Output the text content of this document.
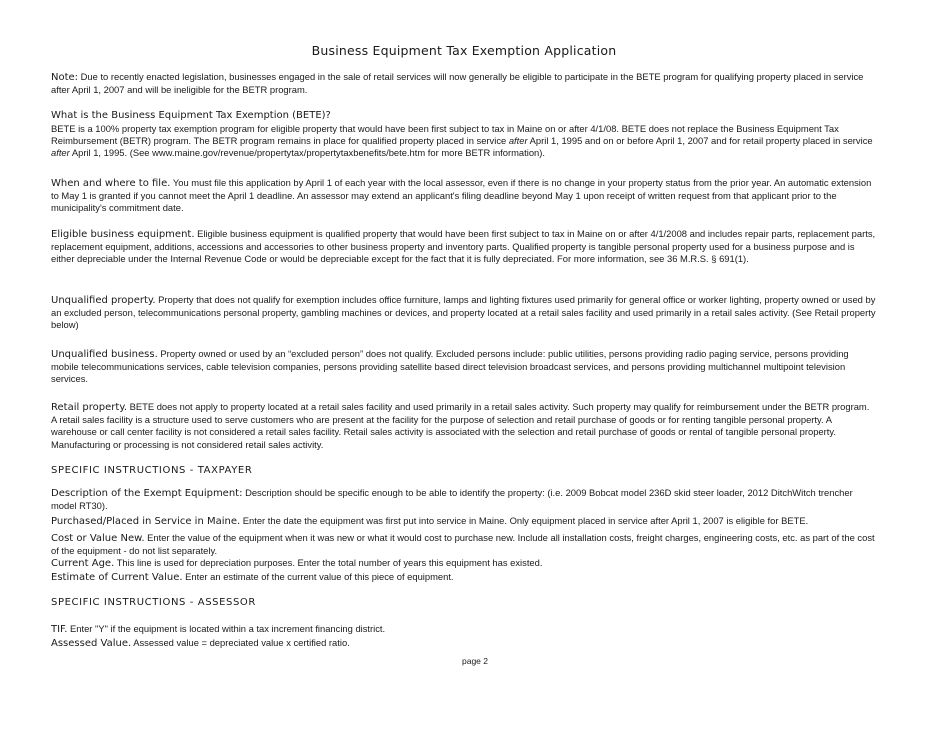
Business Equipment Tax Exemption Application
Note: Due to recently enacted legislation, businesses engaged in the sale of retail services will now generally be eligible to participate in the BETE program for qualifying property placed in service after April 1, 2007 and will be ineligible for the BETR program.
What is the Business Equipment Tax Exemption (BETE)?
BETE is a 100% property tax exemption program for eligible property that would have been first subject to tax in Maine on or after 4/1/08. BETE does not replace the Business Equipment Tax Reimbursement (BETR) program. The BETR program remains in place for qualified property placed in service after April 1, 1995 and on or before April 1, 2007 and for retail property placed in service after April 1, 1995. (See www.maine.gov/revenue/propertytax/propertytaxbenefits/bete.htm for more BETR information).
When and where to file. You must file this application by April 1 of each year with the local assessor, even if there is no change in your property status from the prior year. An automatic extension to May 1 is granted if you cannot meet the April 1 deadline. An assessor may extend an applicant's filing deadline beyond May 1 upon receipt of written request from that applicant prior to the municipality's commitment date.
Eligible business equipment. Eligible business equipment is qualified property that would have been first subject to tax in Maine on or after 4/1/2008 and includes repair parts, replacement parts, replacement equipment, additions, accessions and accessories to other business property and inventory parts. Qualified property is tangible personal property used for a business purpose and is either depreciable under the Internal Revenue Code or would be depreciable except for the fact that it is fully depreciated. For more information, see 36 M.R.S. § 691(1).
Unqualified property. Property that does not qualify for exemption includes office furniture, lamps and lighting fixtures used primarily for general office or worker lighting, property owned or used by an excluded person, telecommunications personal property, gambling machines or devices, and property located at a retail sales facility and used primarily in a retail sales activity. (See Retail property below)
Unqualified business. Property owned or used by an “excluded person” does not qualify. Excluded persons include: public utilities, persons providing radio paging service, persons providing mobile telecommunications services, cable television companies, persons providing satellite based direct television broadcast services, and persons providing multichannel multipoint television services.
Retail property. BETE does not apply to property located at a retail sales facility and used primarily in a retail sales activity. Such property may qualify for reimbursement under the BETR program. A retail sales facility is a structure used to serve customers who are present at the facility for the purpose of selection and retail purchase of goods or for renting tangible personal property. A warehouse or call center facility is not considered a retail sales facility. Retail sales activity is associated with the selection and retail purchase of goods or rental of tangible personal property. Manufacturing or processing is not considered retail sales activity.
SPECIFIC INSTRUCTIONS - TAXPAYER
Description of the Exempt Equipment: Description should be specific enough to be able to identify the property: (i.e. 2009 Bobcat model 236D skid steer loader, 2012 DitchWitch trencher model RT30).
Purchased/Placed in Service in Maine. Enter the date the equipment was first put into service in Maine. Only equipment placed in service after April 1, 2007 is eligible for BETE.
Cost or Value New. Enter the value of the equipment when it was new or what it would cost to purchase new. Include all installation costs, freight charges, engineering costs, etc. as part of the cost of the equipment - do not list separately.
Current Age. This line is used for depreciation purposes. Enter the total number of years this equipment has existed.
Estimate of Current Value. Enter an estimate of the current value of this piece of equipment.
SPECIFIC INSTRUCTIONS - ASSESSOR
TIF. Enter "Y" if the equipment is located within a tax increment financing district.
Assessed Value. Assessed value = depreciated value x certified ratio.
page 2
